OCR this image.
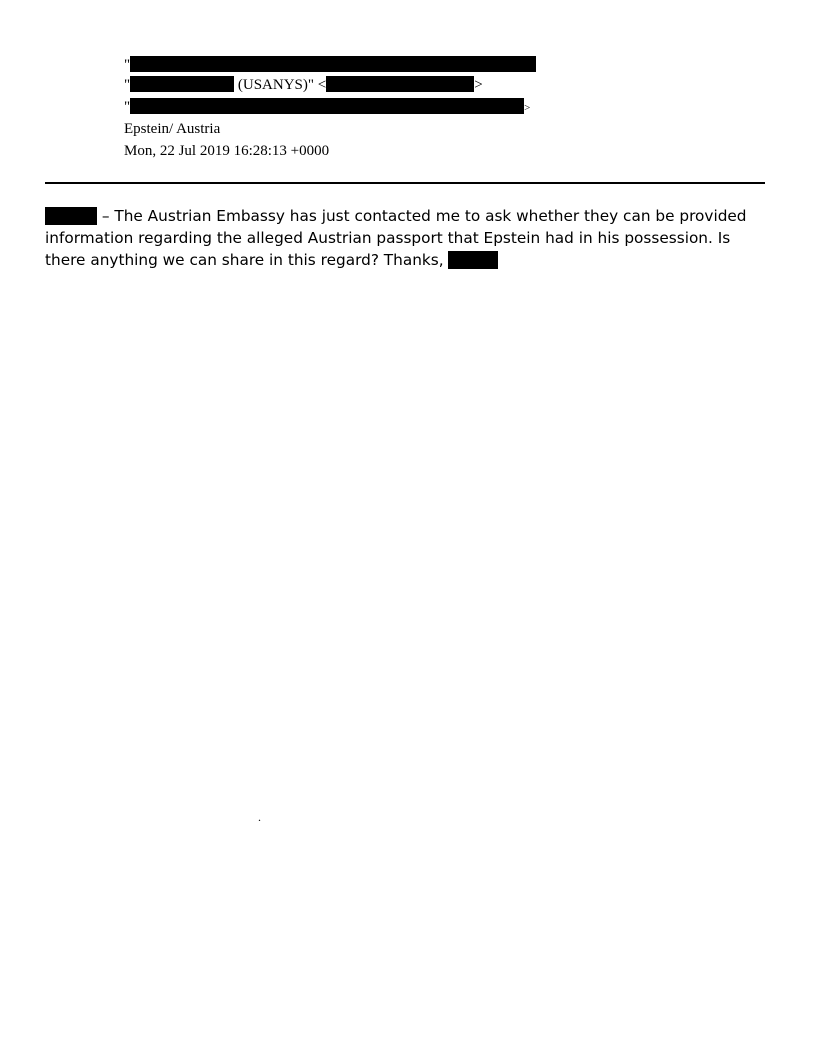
"
"	(USANYS)" <	>
"	>
Epstein/ Austria
Mon, 22 Jul 2019 16:28:13 +0000
– The Austrian Embassy has just contacted me to ask whether they can be provided information regarding the alleged Austrian passport that Epstein had in his possession. Is there anything we can share in this regard? Thanks,
.
